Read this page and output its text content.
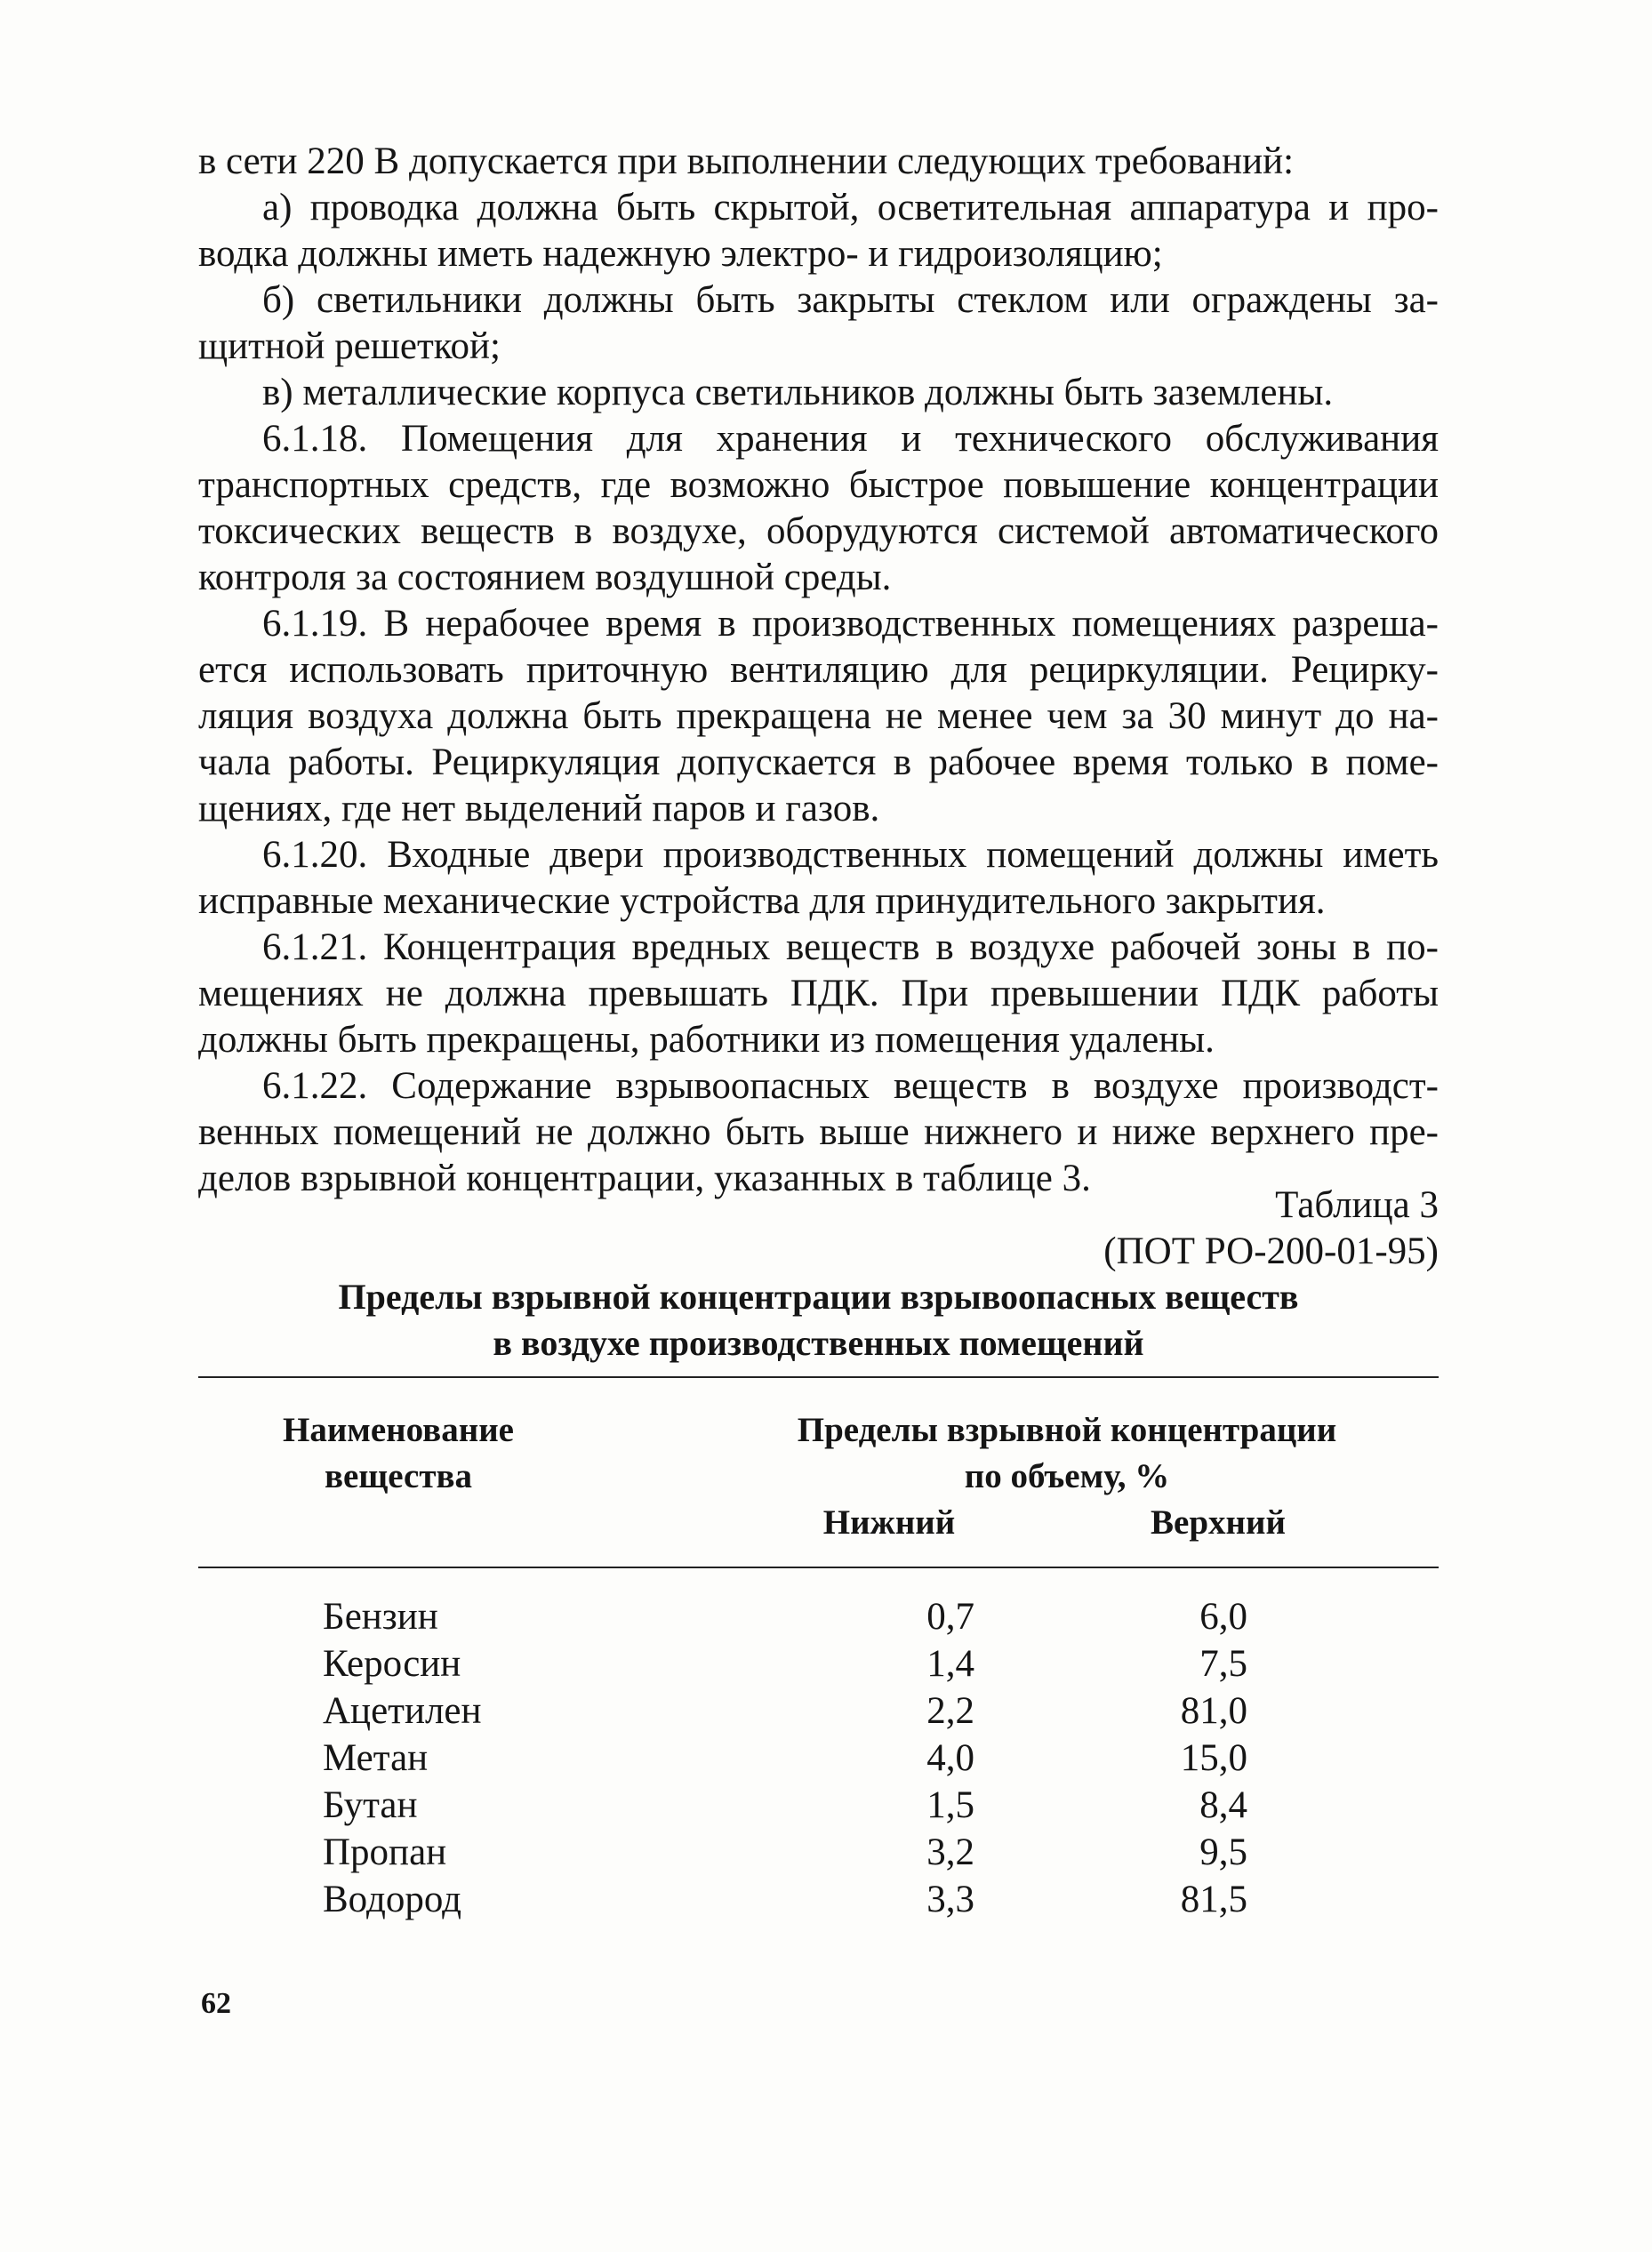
в сети 220 В допускается при выполнении следующих требований:
а) проводка должна быть скрытой, осветительная аппаратура и про-
водка должны иметь надежную электро- и гидроизоляцию;
б) светильники должны быть закрыты стеклом или ограждены за-
щитной решеткой;
в) металлические корпуса светильников должны быть заземлены.
6.1.18. Помещения для хранения и технического обслуживания
транспортных средств, где возможно быстрое повышение концентрации
токсических веществ в воздухе, оборудуются системой автоматического
контроля за состоянием воздушной среды.
6.1.19. В нерабочее время в производственных помещениях разреша-
ется использовать приточную вентиляцию для рециркуляции. Рецирку-
ляция воздуха должна быть прекращена не менее чем за 30 минут до на-
чала работы. Рециркуляция допускается в рабочее время только в поме-
щениях, где нет выделений паров и газов.
6.1.20. Входные двери производственных помещений должны иметь
исправные механические устройства для принудительного закрытия.
6.1.21. Концентрация вредных веществ в воздухе рабочей зоны в по-
мещениях не должна превышать ПДК. При превышении ПДК работы
должны быть прекращены, работники из помещения удалены.
6.1.22. Содержание взрывоопасных веществ в воздухе производст-
венных помещений не должно быть выше нижнего и ниже верхнего пре-
делов взрывной концентрации, указанных в таблице 3.
Таблица 3
(ПОТ РО-200-01-95)
Пределы взрывной концентрации взрывоопасных веществ
в воздухе производственных помещений
Наименование
вещества
Пределы взрывной концентрации
по объему, %
Нижний	Верхний
Бензин	0,7	6,0
Керосин	1,4	7,5
Ацетилен	2,2	81,0
Метан	4,0	15,0
Бутан	1,5	8,4
Пропан	3,2	9,5
Водород	3,3	81,5
62
